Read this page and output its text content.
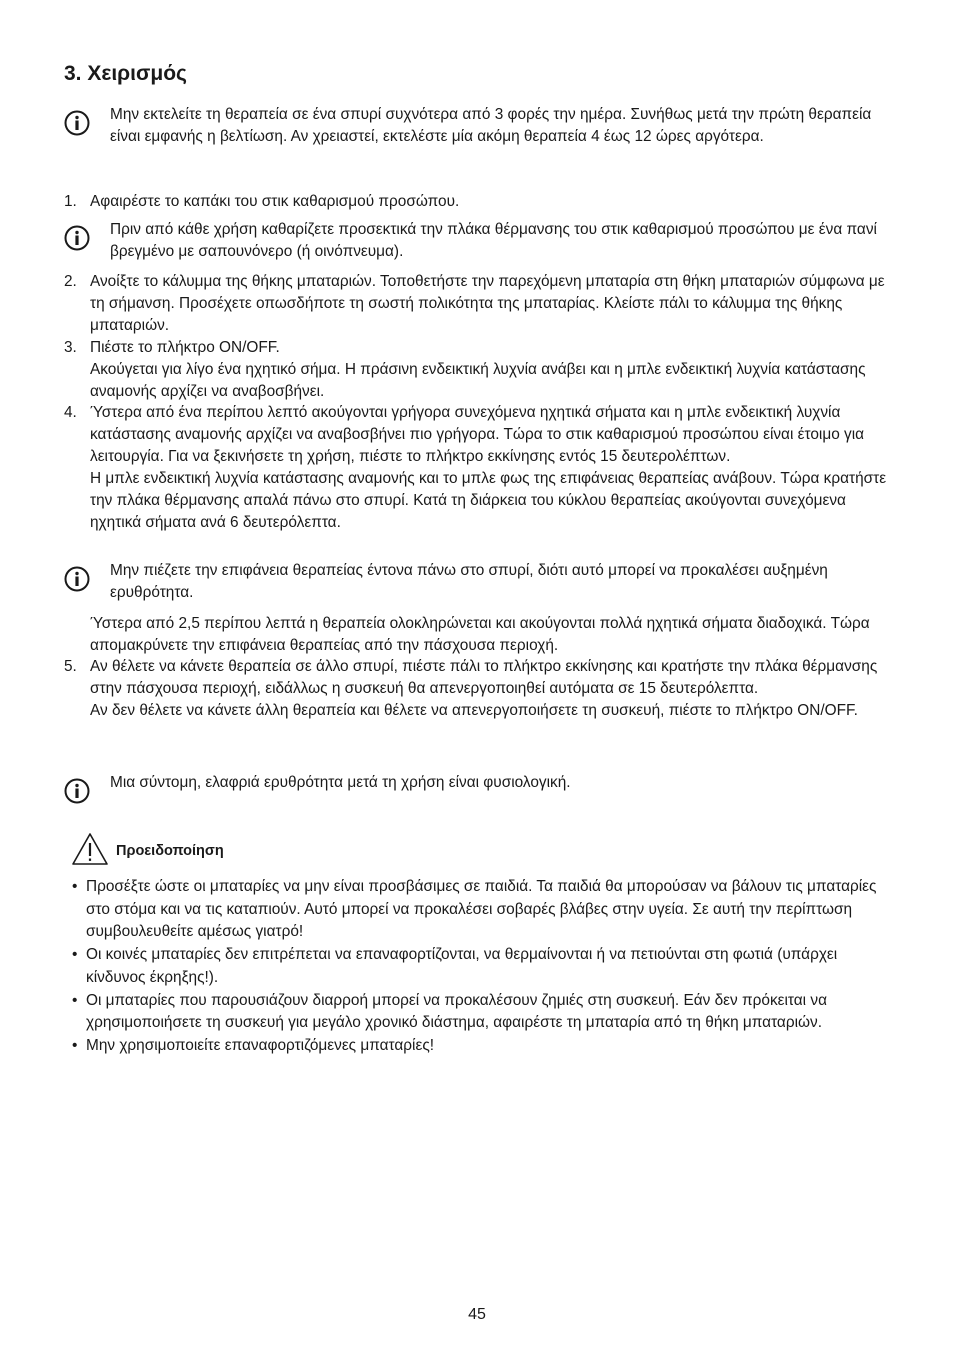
3. Χειρισμός
Μην εκτελείτε τη θεραπεία σε ένα σπυρί συχνότερα από 3 φορές την ημέρα. Συνήθως μετά την πρώτη θεραπεία είναι εμφανής η βελτίωση. Αν χρειαστεί, εκτελέστε μία ακόμη θεραπεία 4 έως 12 ώρες αργότερα.
1. Αφαιρέστε το καπάκι του στικ καθαρισμού προσώπου.

Πριν από κάθε χρήση καθαρίζετε προσεκτικά την πλάκα θέρμανσης του στικ καθαρισμού προσώπου με ένα πανί βρεγμένο με σαπουνόνερο (ή οινόπνευμα).
2. Ανοίξτε το κάλυμμα της θήκης μπαταριών. Τοποθετήστε την παρεχόμενη μπαταρία στη θήκη μπαταριών σύμφωνα με τη σήμανση. Προσέχετε οπωσδήποτε τη σωστή πολικότητα της μπαταρίας. Κλείστε πάλι το κάλυμμα της θήκης μπαταριών.

3. Πιέστε το πλήκτρο ON/OFF.

Ακούγεται για λίγο ένα ηχητικό σήμα. Η πράσινη ενδεικτική λυχνία ανάβει και η μπλε ενδεικτική λυχνία κατάστασης αναμονής αρχίζει να αναβοσβήνει.

4. Ύστερα από ένα περίπου λεπτό ακούγονται γρήγορα συνεχόμενα ηχητικά σήματα και η μπλε ενδεικτική λυχνία κατάστασης αναμονής αρχίζει να αναβοσβήνει πιο γρήγορα. Τώρα το στικ καθαρισμού προσώπου είναι έτοιμο για λειτουργία. Για να ξεκινήσετε τη χρήση, πιέστε το πλήκτρο εκκίνησης εντός 15 δευτερολέπτων.

Η μπλε ενδεικτική λυχνία κατάστασης αναμονής και το μπλε φως της επιφάνειας θεραπείας ανάβουν. Τώρα κρατήστε την πλάκα θέρμανσης απαλά πάνω στο σπυρί. Κατά τη διάρκεια του κύκλου θεραπείας ακούγονται συνεχόμενα ηχητικά σήματα ανά 6 δευτερόλεπτα.

Μην πιέζετε την επιφάνεια θεραπείας έντονα πάνω στο σπυρί, διότι αυτό μπορεί να προκαλέσει αυξημένη ερυθρότητα.
Ύστερα από 2,5 περίπου λεπτά η θεραπεία ολοκληρώνεται και ακούγονται πολλά ηχητικά σήματα διαδοχικά. Τώρα απομακρύνετε την επιφάνεια θεραπείας από την πάσχουσα περιοχή.
5. Αν θέλετε να κάνετε θεραπεία σε άλλο σπυρί, πιέστε πάλι το πλήκτρο εκκίνησης και κρατήστε την πλάκα θέρμανσης στην πάσχουσα περιοχή, ειδάλλως η συσκευή θα απενεργοποιηθεί αυτόματα σε 15 δευτερόλεπτα.

Αν δεν θέλετε να κάνετε άλλη θεραπεία και θέλετε να απενεργοποιήσετε τη συσκευή, πιέστε το πλήκτρο ON/OFF.

Μια σύντομη, ελαφριά ερυθρότητα μετά τη χρήση είναι φυσιολογική.
Προειδοποίηση
• Προσέξτε ώστε οι μπαταρίες να μην είναι προσβάσιμες σε παιδιά. Τα παιδιά θα μπορούσαν να βάλουν τις μπαταρίες στο στόμα και να τις καταπιούν. Αυτό μπορεί να προκαλέσει σοβαρές βλάβες στην υγεία. Σε αυτή την περίπτωση συμβουλευθείτε αμέσως γιατρό!
• Οι κοινές μπαταρίες δεν επιτρέπεται να επαναφορτίζονται, να θερμαίνονται ή να πετιούνται στη φωτιά (υπάρχει κίνδυνος έκρηξης!).
• Οι μπαταρίες που παρουσιάζουν διαρροή μπορεί να προκαλέσουν ζημιές στη συσκευή. Εάν δεν πρόκειται να χρησιμοποιήσετε τη συσκευή για μεγάλο χρονικό διάστημα, αφαιρέστε τη μπαταρία από τη θήκη μπαταριών.
• Μην χρησιμοποιείτε επαναφορτιζόμενες μπαταρίες!
45
